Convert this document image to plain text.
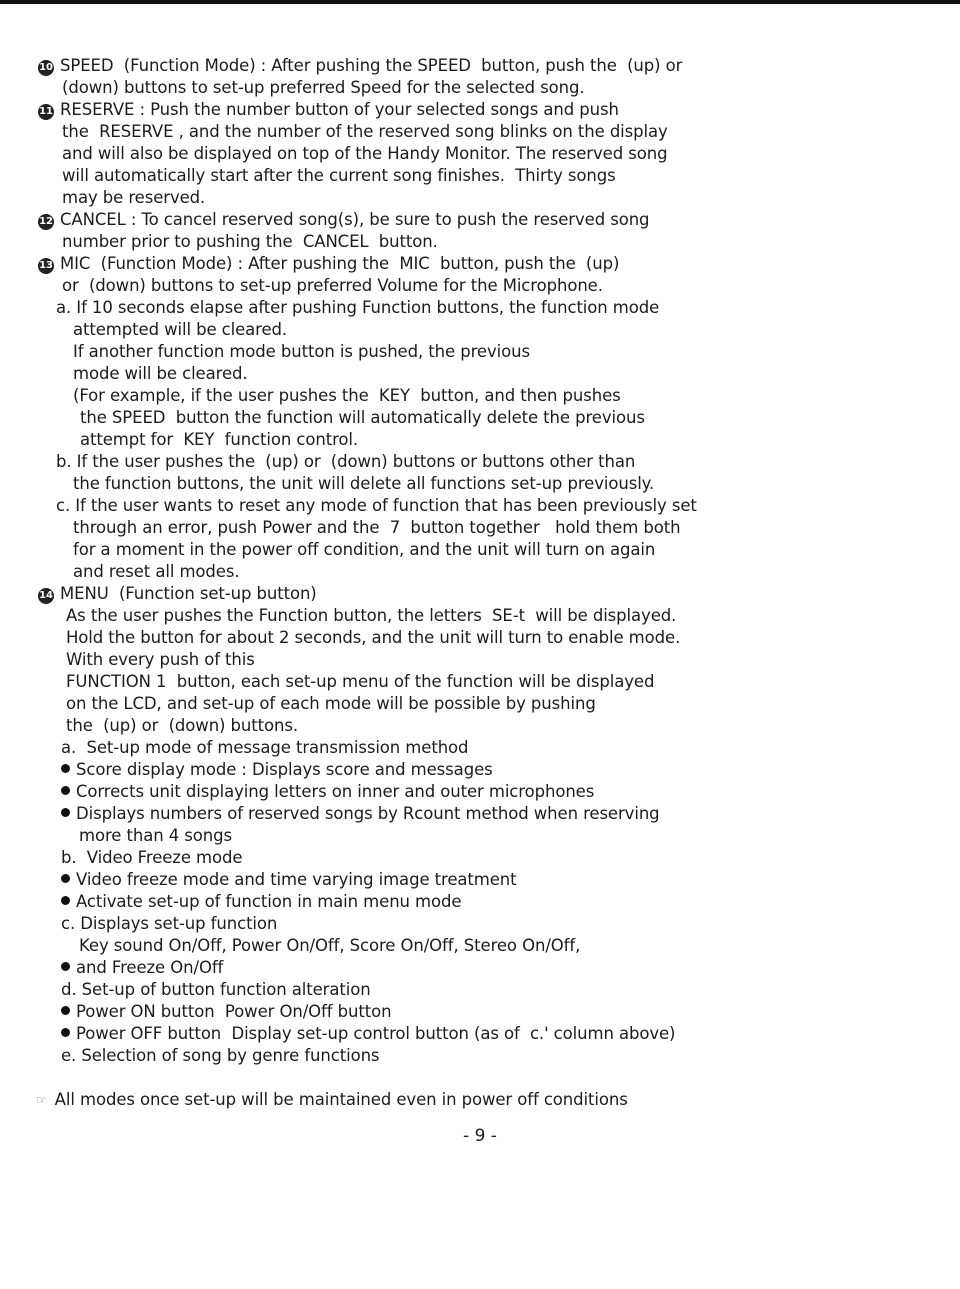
10 SPEED  (Function Mode) : After pushing the SPEED  button, push the  (up) or
(down) buttons to set-up preferred Speed for the selected song.
11 RESERVE : Push the number button of your selected songs and push
the  RESERVE , and the number of the reserved song blinks on the display
and will also be displayed on top of the Handy Monitor. The reserved song
will automatically start after the current song finishes.  Thirty songs
may be reserved.
12 CANCEL : To cancel reserved song(s), be sure to push the reserved song
number prior to pushing the  CANCEL  button.
13 MIC  (Function Mode) : After pushing the  MIC  button, push the  (up)
or  (down) buttons to set-up preferred Volume for the Microphone.
a. If 10 seconds elapse after pushing Function buttons, the function mode
attempted will be cleared.
If another function mode button is pushed, the previous
mode will be cleared.
(For example, if the user pushes the  KEY  button, and then pushes
the SPEED  button the function will automatically delete the previous
attempt for  KEY  function control.
b. If the user pushes the  (up) or  (down) buttons or buttons other than
the function buttons, the unit will delete all functions set-up previously.
c. If the user wants to reset any mode of function that has been previously set
through an error, push Power and the  7  button together   hold them both
for a moment in the power off condition, and the unit will turn on again
and reset all modes.
14 MENU  (Function set-up button)
As the user pushes the Function button, the letters  SE-t  will be displayed.
Hold the button for about 2 seconds, and the unit will turn to enable mode.
With every push of this
FUNCTION 1  button, each set-up menu of the function will be displayed
on the LCD, and set-up of each mode will be possible by pushing
the  (up) or  (down) buttons.
a.  Set-up mode of message transmission method
Score display mode : Displays score and messages
Corrects unit displaying letters on inner and outer microphones
Displays numbers of reserved songs by Rcount method when reserving
more than 4 songs
b.  Video Freeze mode
Video freeze mode and time varying image treatment
Activate set-up of function in main menu mode
c. Displays set-up function
Key sound On/Off, Power On/Off, Score On/Off, Stereo On/Off,
and Freeze On/Off
d. Set-up of button function alteration
Power ON button  Power On/Off button
Power OFF button  Display set-up control button (as of  c.' column above)
e. Selection of song by genre functions
☞ All modes once set-up will be maintained even in power off conditions
- 9 -
